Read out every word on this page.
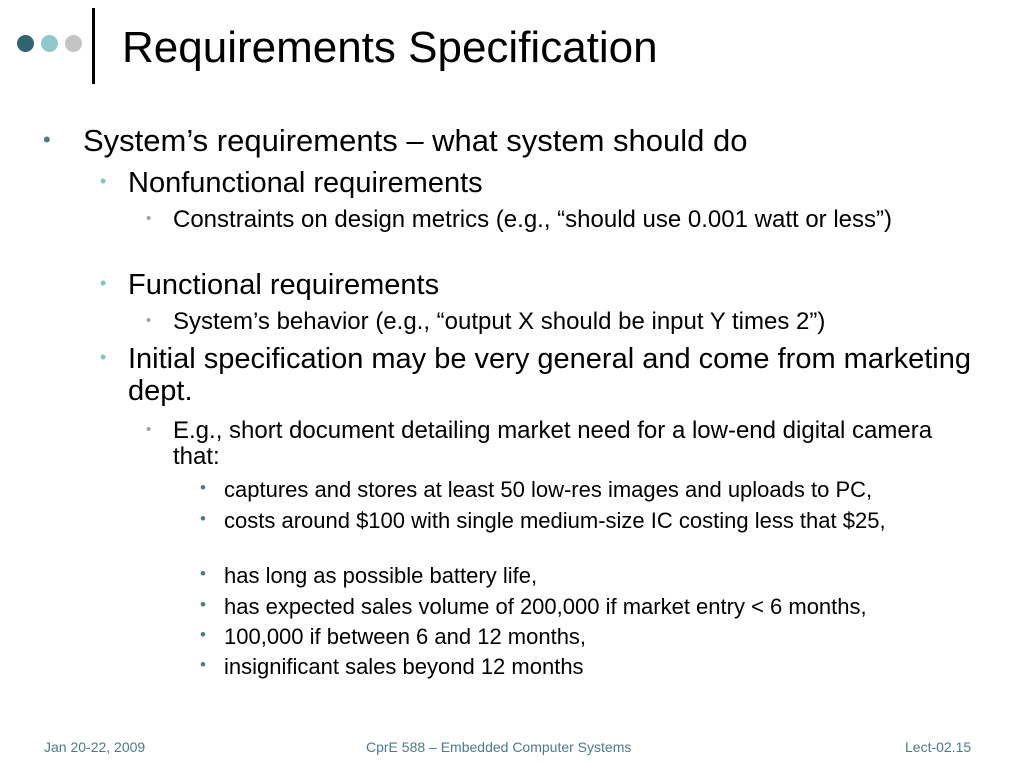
Requirements Specification
• System’s requirements – what system should do
• Nonfunctional requirements
• Constraints on design metrics (e.g., “should use 0.001 watt or less”)
• Functional requirements
• System’s behavior (e.g., “output X should be input Y times 2”)
• Initial specification may be very general and come from marketing dept.
• E.g., short document detailing market need for a low-end digital camera that:
• captures and stores at least 50 low-res images and uploads to PC,
• costs around $100 with single medium-size IC costing less that $25,
• has long as possible battery life,
• has expected sales volume of 200,000 if market entry < 6 months,
• 100,000 if between 6 and 12 months,
• insignificant sales beyond 12 months
Jan 20-22, 2009	CprE 588 – Embedded Computer Systems	Lect-02.15
